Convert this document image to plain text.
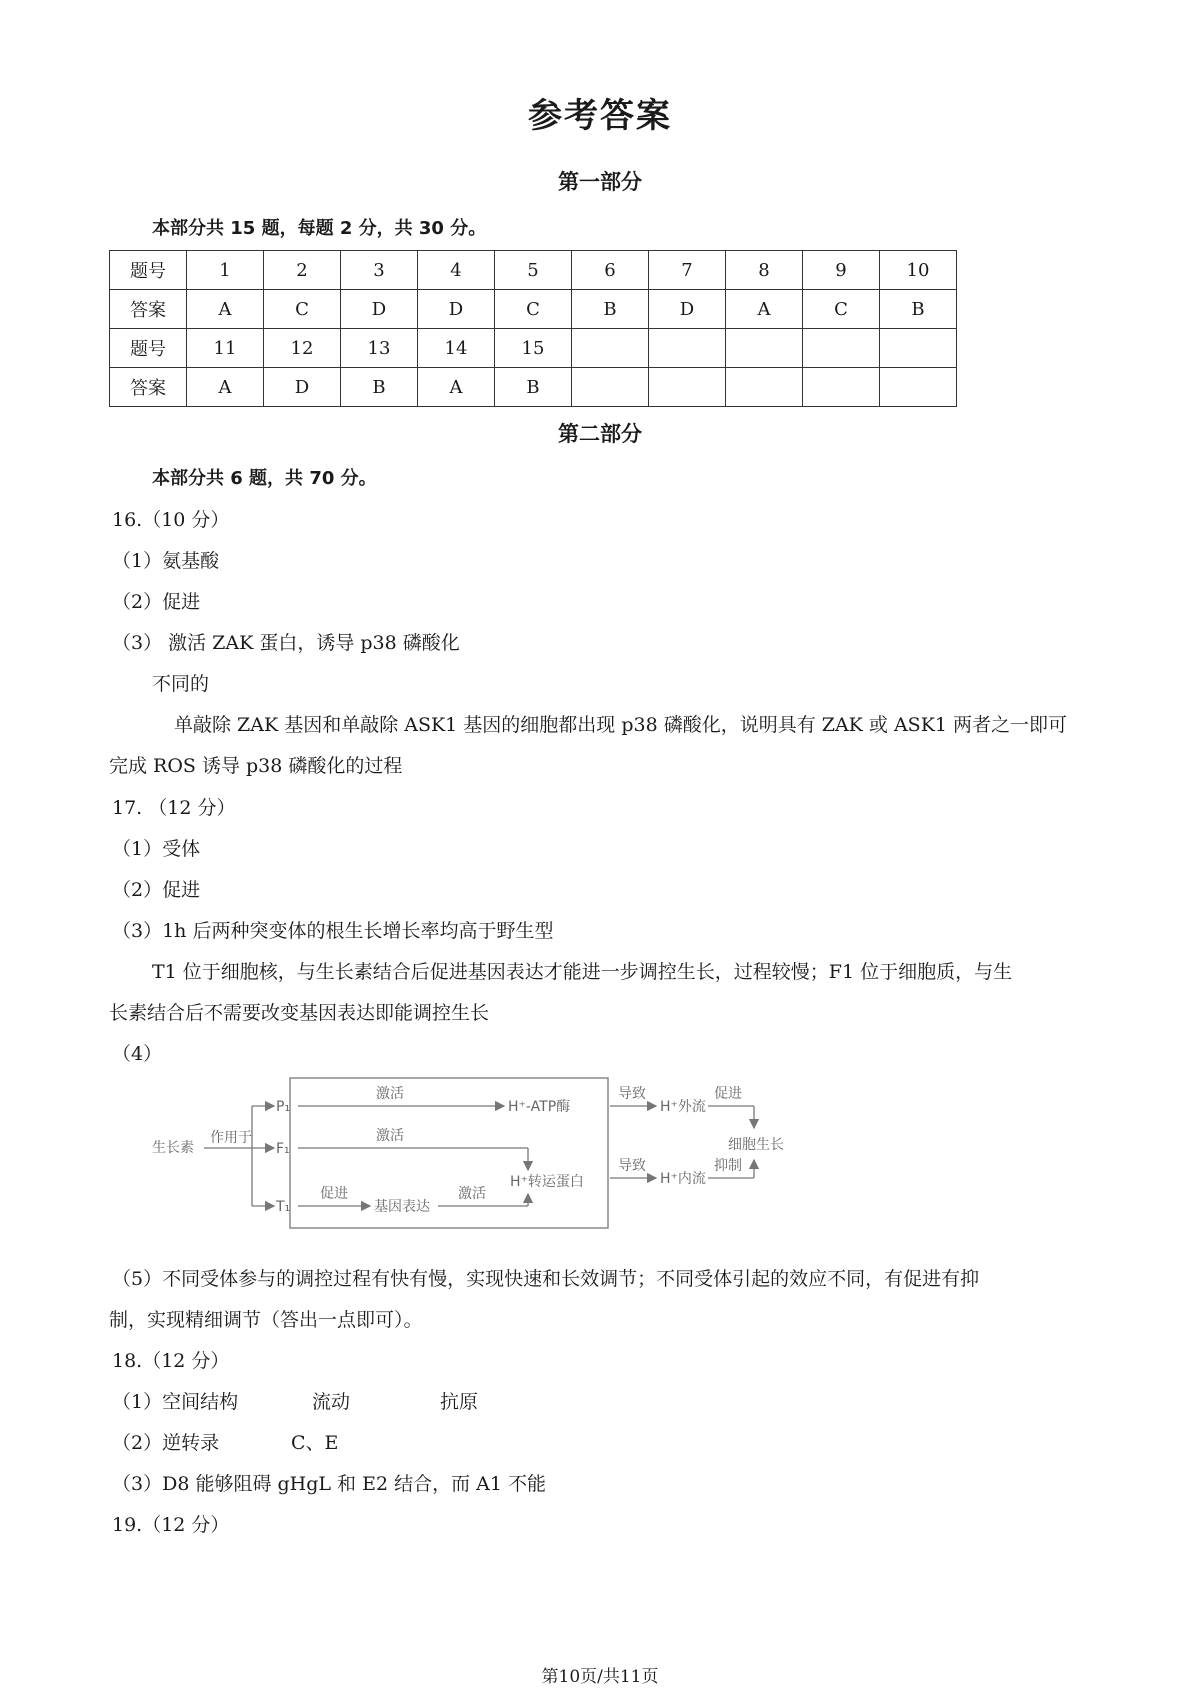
参考答案
第一部分
本部分共 15 题，每题 2 分，共 30 分。
题号	1	2	3	4	5	6	7	8	9	10
答案	A	C	D	D	C	B	D	A	C	B
题号	11	12	13	14	15					
答案	A	D	B	A	B					
第二部分
本部分共 6 题，共 70 分。
16.（10 分）
（1）氨基酸
（2）促进
（3） 激活 ZAK 蛋白，诱导 p38 磷酸化
不同的
单敲除 ZAK 基因和单敲除 ASK1 基因的细胞都出现 p38 磷酸化，说明具有 ZAK 或 ASK1 两者之一即可
完成 ROS 诱导 p38 磷酸化的过程
17. （12 分）
（1）受体
（2）促进
（3）1h 后两种突变体的根生长增长率均高于野生型
T1 位于细胞核，与生长素结合后促进基因表达才能进一步调控生长，过程较慢；F1 位于细胞质，与生
长素结合后不需要改变基因表达即能调控生长
（4）
生长素
作用于
P₁
F₁
T₁
激活
H⁺-ATP酶
激活
H⁺转运蛋白
促进
基因表达
激活
导致
H⁺外流
导致
H⁺内流
促进
抑制
细胞生长
（5）不同受体参与的调控过程有快有慢，实现快速和长效调节；不同受体引起的效应不同，有促进有抑
制，实现精细调节（答出一点即可）。
18.（12 分）
（1）空间结构	流动	抗原
（2）逆转录	C、E
（3）D8 能够阻碍 gHgL 和 E2 结合，而 A1 不能
19.（12 分）
第10页/共11页
